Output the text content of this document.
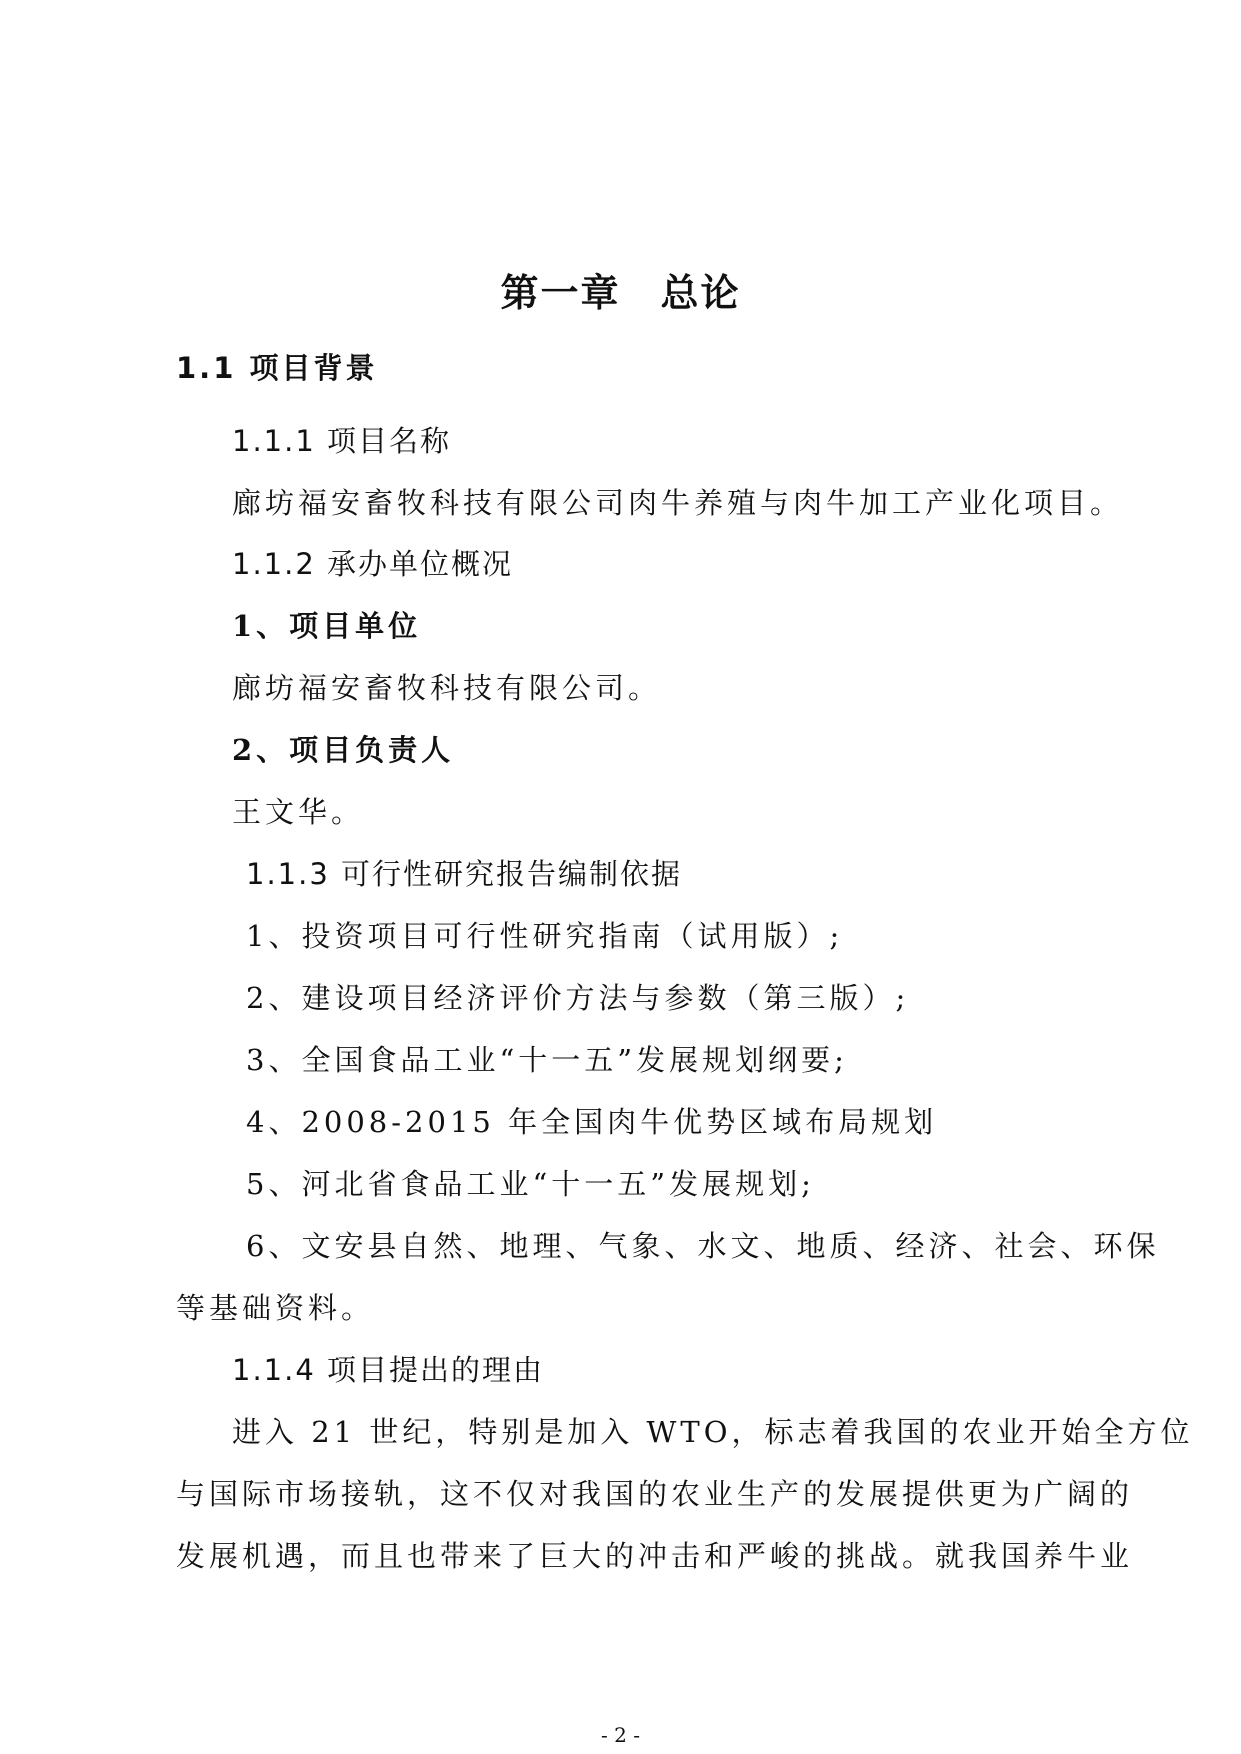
第一章　总论
1.1 项目背景
1.1.1 项目名称
廊坊福安畜牧科技有限公司肉牛养殖与肉牛加工产业化项目。
1.1.2 承办单位概况
1、项目单位
廊坊福安畜牧科技有限公司。
2、项目负责人
王文华。
1.1.3 可行性研究报告编制依据
1、投资项目可行性研究指南（试用版）;
2、建设项目经济评价方法与参数（第三版）;
3、全国食品工业“十一五”发展规划纲要;
4、2008-2015 年全国肉牛优势区域布局规划
5、河北省食品工业“十一五”发展规划;
6、文安县自然、地理、气象、水文、地质、经济、社会、环保
等基础资料。
1.1.4 项目提出的理由
进入 21 世纪，特别是加入 WTO，标志着我国的农业开始全方位
与国际市场接轨，这不仅对我国的农业生产的发展提供更为广阔的
发展机遇，而且也带来了巨大的冲击和严峻的挑战。就我国养牛业
- 2 -
